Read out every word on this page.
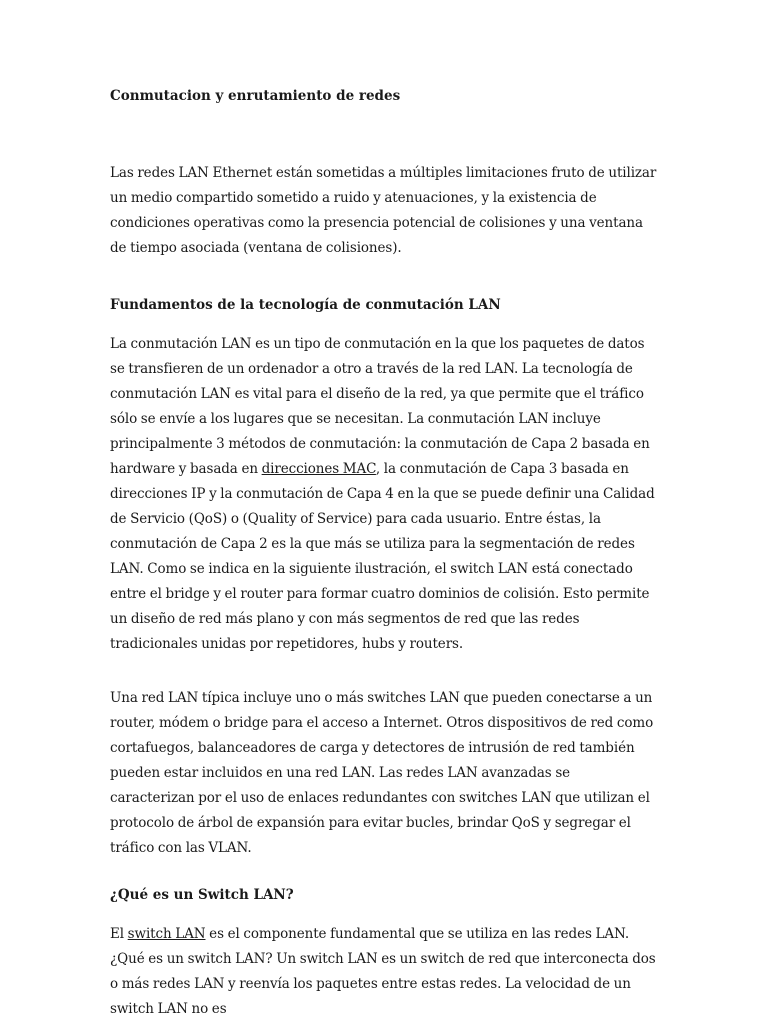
Conmutacion y enrutamiento de redes

Las redes LAN Ethernet están sometidas a múltiples limitaciones fruto de utilizar un medio compartido sometido a ruido y atenuaciones, y la existencia de condiciones operativas como la presencia potencial de colisiones y una ventana de tiempo asociada (ventana de colisiones).

Fundamentos de la tecnología de conmutación LAN

La conmutación LAN es un tipo de conmutación en la que los paquetes de datos se transfieren de un ordenador a otro a través de la red LAN. La tecnología de conmutación LAN es vital para el diseño de la red, ya que permite que el tráfico sólo se envíe a los lugares que se necesitan. La conmutación LAN incluye principalmente 3 métodos de conmutación: la conmutación de Capa 2 basada en hardware y basada en direcciones MAC, la conmutación de Capa 3 basada en direcciones IP y la conmutación de Capa 4 en la que se puede definir una Calidad de Servicio (QoS) o (Quality of Service) para cada usuario. Entre éstas, la conmutación de Capa 2 es la que más se utiliza para la segmentación de redes LAN. Como se indica en la siguiente ilustración, el switch LAN está conectado entre el bridge y el router para formar cuatro dominios de colisión. Esto permite un diseño de red más plano y con más segmentos de red que las redes tradicionales unidas por repetidores, hubs y routers.

Una red LAN típica incluye uno o más switches LAN que pueden conectarse a un router, módem o bridge para el acceso a Internet. Otros dispositivos de red como cortafuegos, balanceadores de carga y detectores de intrusión de red también pueden estar incluidos en una red LAN. Las redes LAN avanzadas se caracterizan por el uso de enlaces redundantes con switches LAN que utilizan el protocolo de árbol de expansión para evitar bucles, brindar QoS y segregar el tráfico con las VLAN.

¿Qué es un Switch LAN?

El switch LAN es el componente fundamental que se utiliza en las redes LAN. ¿Qué es un switch LAN? Un switch LAN es un switch de red que interconecta dos o más redes LAN y reenvía los paquetes entre estas redes. La velocidad de un switch LAN no es
